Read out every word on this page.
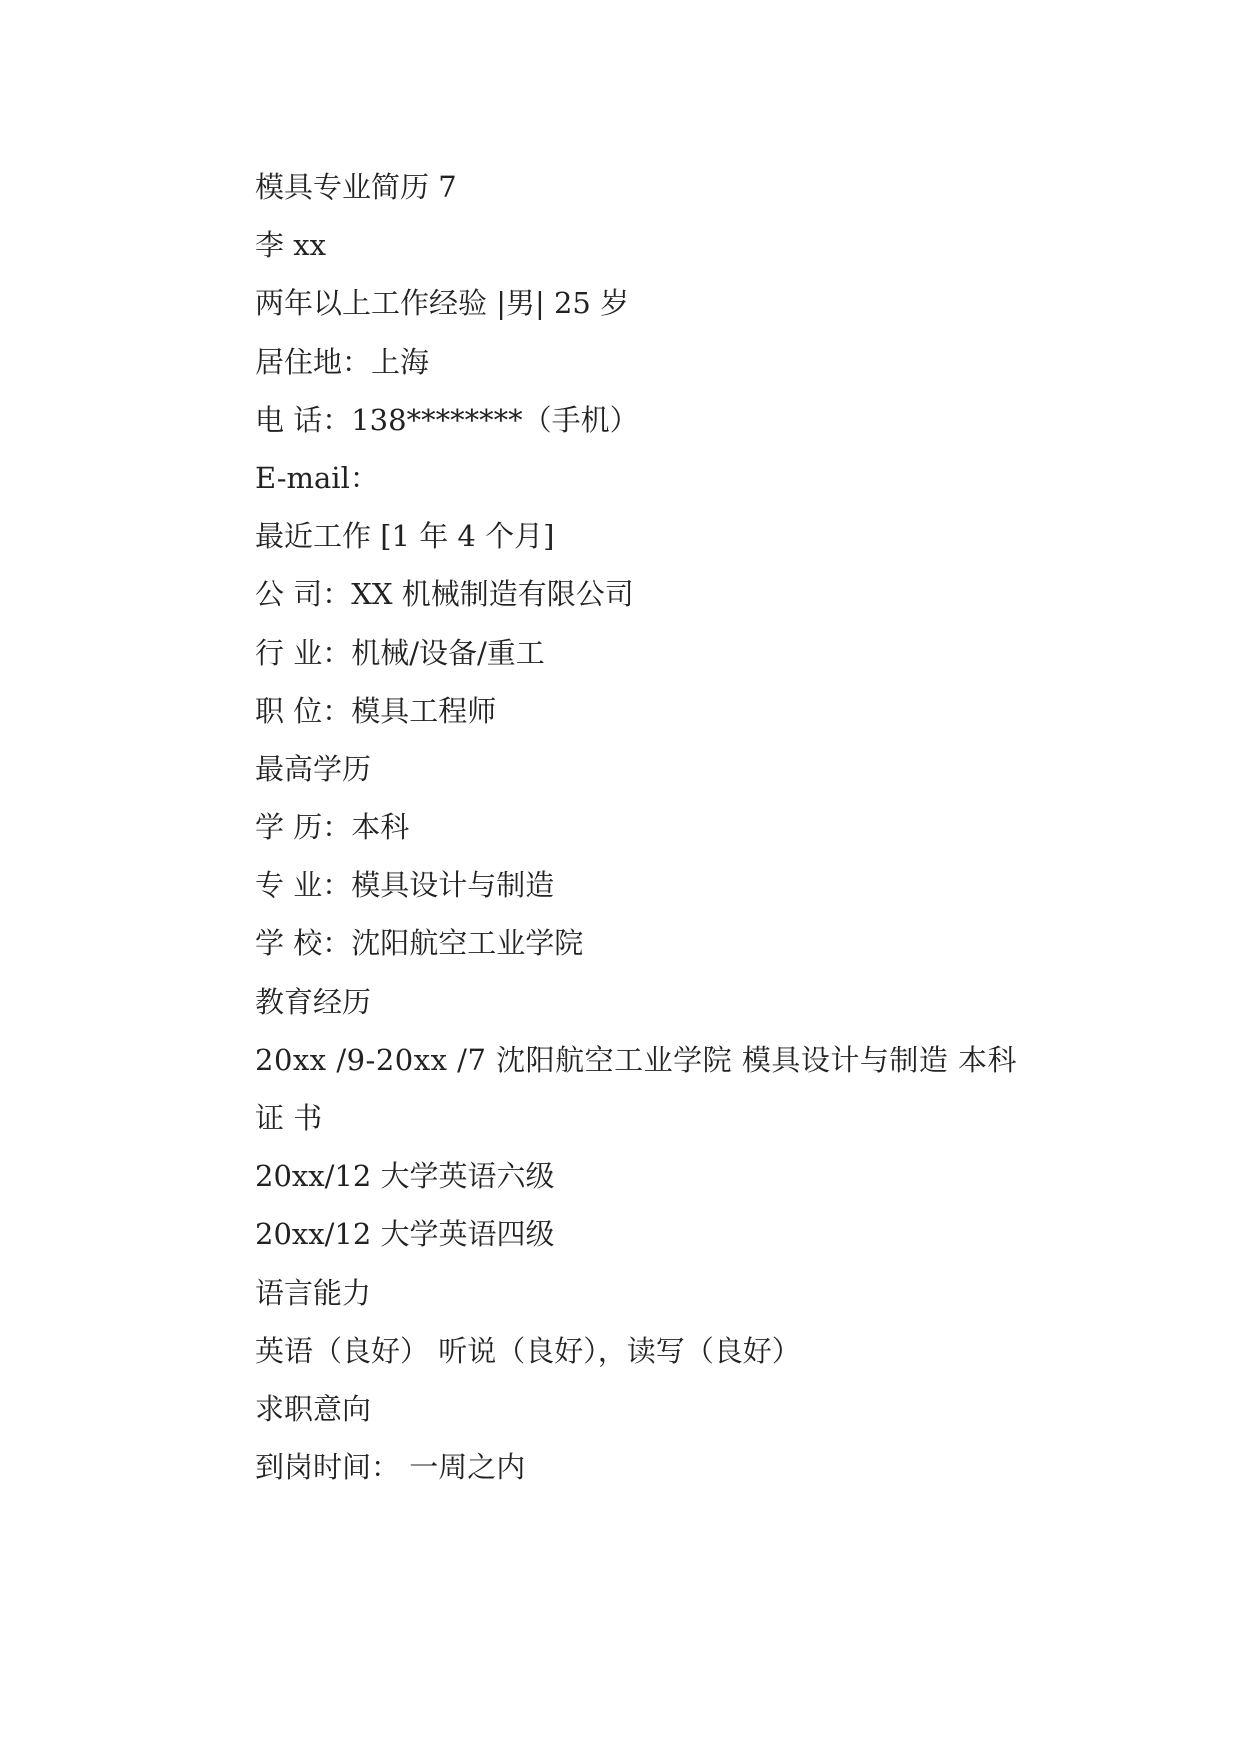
模具专业简历 7
李 xx
两年以上工作经验 |男| 25 岁
居住地：上海
电 话：138********（手机）
E-mail：
最近工作 [1 年 4 个月]
公 司：XX 机械制造有限公司
行 业：机械/设备/重工
职 位：模具工程师
最高学历
学 历：本科
专 业：模具设计与制造
学 校：沈阳航空工业学院
教育经历
20xx /9-20xx /7 沈阳航空工业学院 模具设计与制造 本科
证 书
20xx/12 大学英语六级
20xx/12 大学英语四级
语言能力
英语（良好） 听说（良好），读写（良好）
求职意向
到岗时间： 一周之内
